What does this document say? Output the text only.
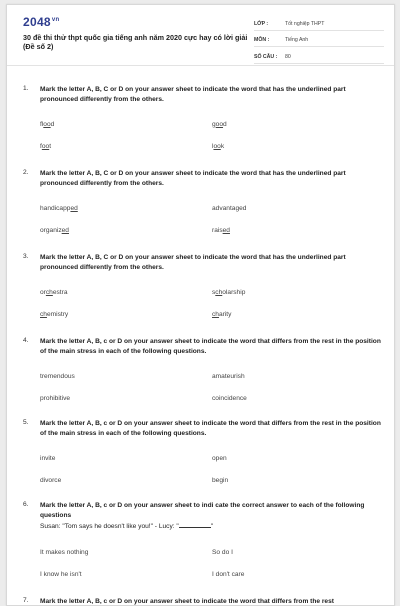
$2048^{vn}$
30 đề thi thử thpt quốc gia tiếng anh năm 2020 cực hay có lời giải (Đề số 2)
LỚP :	Tốt nghiệp THPT
MÔN :	Tiếng Anh
SỐ CÂU :	80
1. Mark the letter A, B, C or D on your answer sheet to indicate the word that has the underlined part pronounced differently from the others.
flood	good
foot	look
2. Mark the letter A, B, C or D on your answer sheet to indicate the word that has the underlined part pronounced differently from the others.
handicapped	advantaged
organized	raised
3. Mark the letter A, B, C or D on your answer sheet to indicate the word that has the underlined part pronounced differently from the others.
orchestra	scholarship
chemistry	charity
4. Mark the letter A, B, c or D on your answer sheet to indicate the word that differs from the rest in the position of the main stress in each of the following questions.
tremendous	amateurish
prohibitive	coincidence
5. Mark the letter A, B, c or D on your answer sheet to indicate the word that differs from the rest in the position of the main stress in each of the following questions.
invite	open
divorce	begin
6. Mark the letter A, B, c or D on your answer sheet to indi cate the correct answer to each of the following questions
Susan: "Tom says he doesn't like you!" - Lucy: "	"
It makes nothing	So do I
I know he isn't	I don't care
7. Mark the letter A, B, c or D on your answer sheet to indicate the word that differs from the rest
